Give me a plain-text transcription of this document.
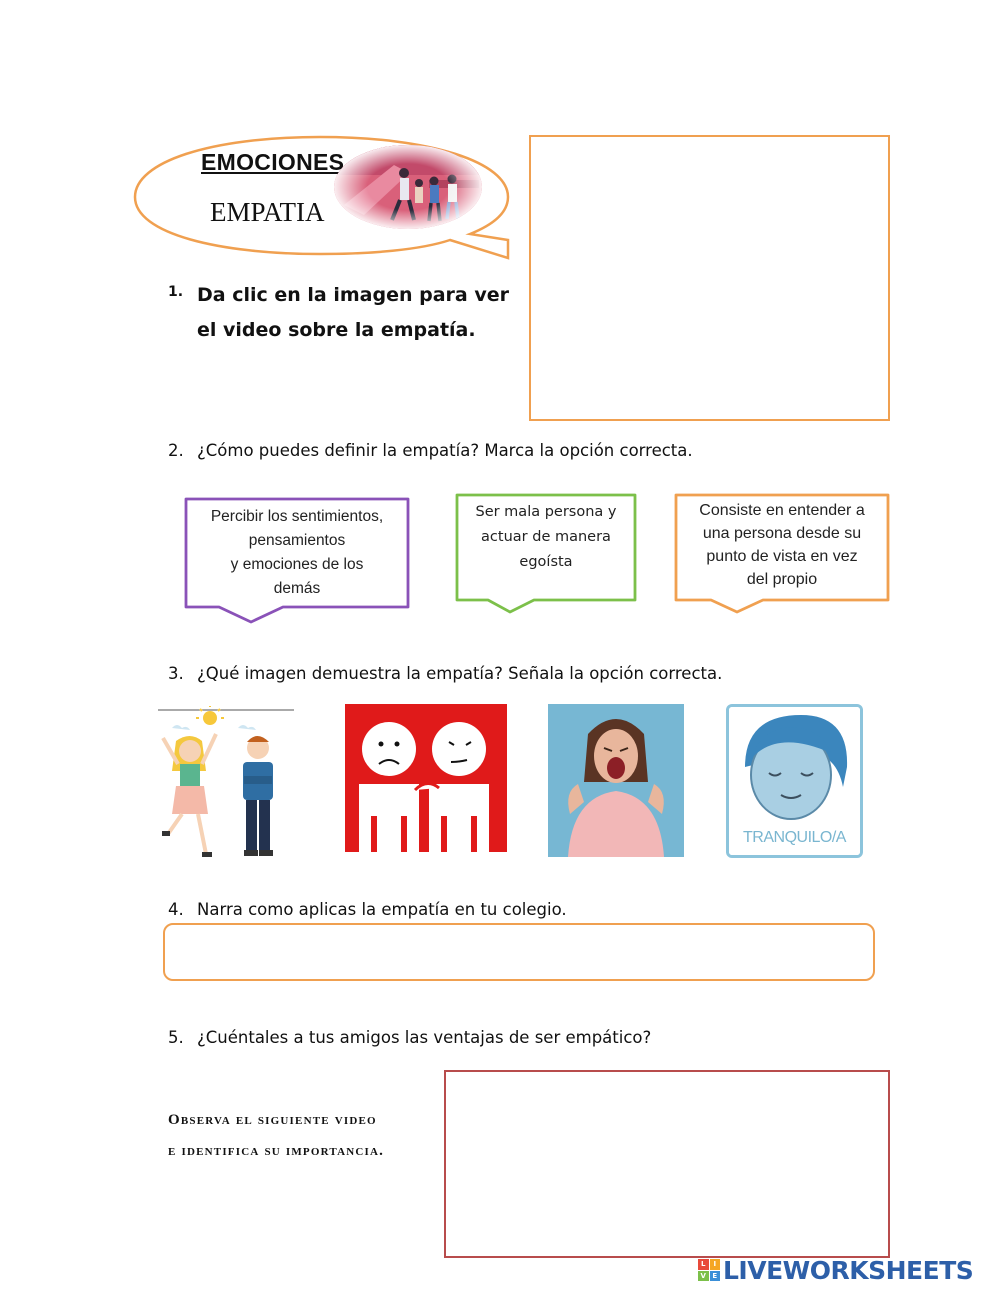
EMOCIONES
EMPATIA
1. Da clic en la imagen para ver
el video sobre la empatía.
2. ¿Cómo puedes definir la empatía? Marca la opción correcta.
Percibir los sentimientos,
pensamientos
y emociones de los
demás
Ser mala persona y
actuar de manera
egoísta
Consiste en entender a
una persona desde su
punto de vista en vez
del propio
3. ¿Qué imagen demuestra la empatía? Señala la opción correcta.
TRANQUILO/A
4. Narra como aplicas la empatía en tu colegio.
5. ¿Cuéntales a tus amigos las ventajas de ser empático?
Observa el siguiente video
e identifica su importancia.
L	I
V E LIVEWORKSHEETS
